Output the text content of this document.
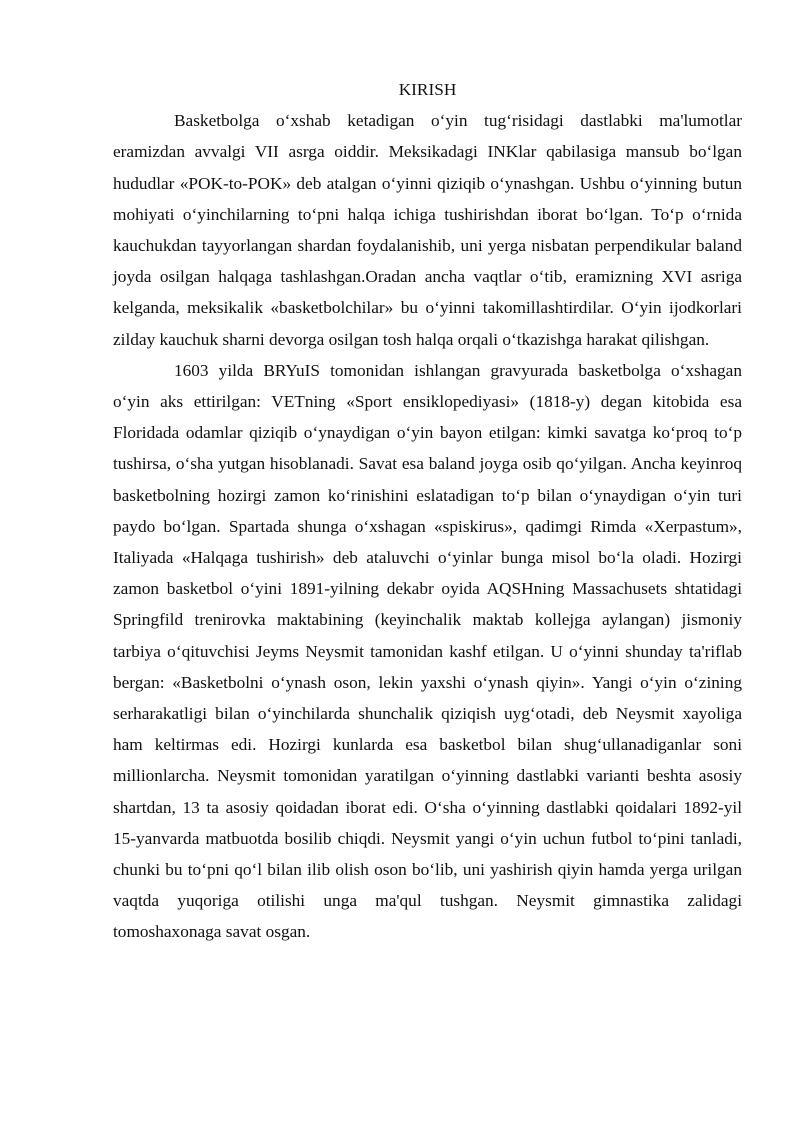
KIRISH

Basketbolga o‘xshab ketadigan o‘yin tug‘risidagi dastlabki ma'lumotlar eramizdan avvalgi VII asrga oiddir. Meksikadagi INKlar qabilasiga mansub bo‘lgan hududlar «POK-to-POK» deb atalgan o‘yinni qiziqib o‘ynashgan. Ushbu o‘yinning butun mohiyati o‘yinchilarning to‘pni halqa ichiga tushirishdan iborat bo‘lgan. To‘p o‘rnida kauchukdan tayyorlangan shardan foydalanishib, uni yerga nisbatan perpendikular baland joyda osilgan halqaga tashlashgan.Oradan ancha vaqtlar o‘tib, eramizning XVI asriga kelganda, meksikalik «basketbolchilar» bu o‘yinni takomillashtirdilar. O‘yin ijodkorlari zilday kauchuk sharni devorga osilgan tosh halqa orqali o‘tkazishga harakat qilishgan.

1603 yilda BRYuIS tomonidan ishlangan gravyurada basketbolga o‘xshagan o‘yin aks ettirilgan: VETning «Sport ensiklopediyasi» (1818-y) degan kitobida esa Floridada odamlar qiziqib o‘ynaydigan o‘yin bayon etilgan: kimki savatga ko‘proq to‘p tushirsa, o‘sha yutgan hisoblanadi. Savat esa baland joyga osib qo‘yilgan. Ancha keyinroq basketbolning hozirgi zamon ko‘rinishini eslatadigan to‘p bilan o‘ynaydigan o‘yin turi paydo bo‘lgan. Spartada shunga o‘xshagan «spiskirus», qadimgi Rimda «Xerpastum», Italiyada «Halqaga tushirish» deb ataluvchi o‘yinlar bunga misol bo‘la oladi. Hozirgi zamon basketbol o‘yini 1891-yilning dekabr oyida AQSHning Massachusets shtatidagi Springfild trenirovka maktabining (keyinchalik maktab kollejga aylangan) jismoniy tarbiya o‘qituvchisi Jeyms Neysmit tamonidan kashf etilgan. U o‘yinni shunday ta'riflab bergan: «Basketbolni o‘ynash oson, lekin yaxshi o‘ynash qiyin». Yangi o‘yin o‘zining serharakatligi bilan o‘yinchilarda shunchalik qiziqish uyg‘otadi, deb Neysmit xayoliga ham keltirmas edi. Hozirgi kunlarda esa basketbol bilan shug‘ullanadiganlar soni millionlarcha. Neysmit tomonidan yaratilgan o‘yinning dastlabki varianti beshta asosiy shartdan, 13 ta asosiy qoidadan iborat edi. O‘sha o‘yinning dastlabki qoidalari 1892-yil 15-yanvarda matbuotda bosilib chiqdi. Neysmit yangi o‘yin uchun futbol to‘pini tanladi, chunki bu to‘pni qo‘l bilan ilib olish oson bo‘lib, uni yashirish qiyin hamda yerga urilgan vaqtda yuqoriga otilishi unga ma'qul tushgan. Neysmit gimnastika zalidagi tomoshaxonaga savat osgan.
